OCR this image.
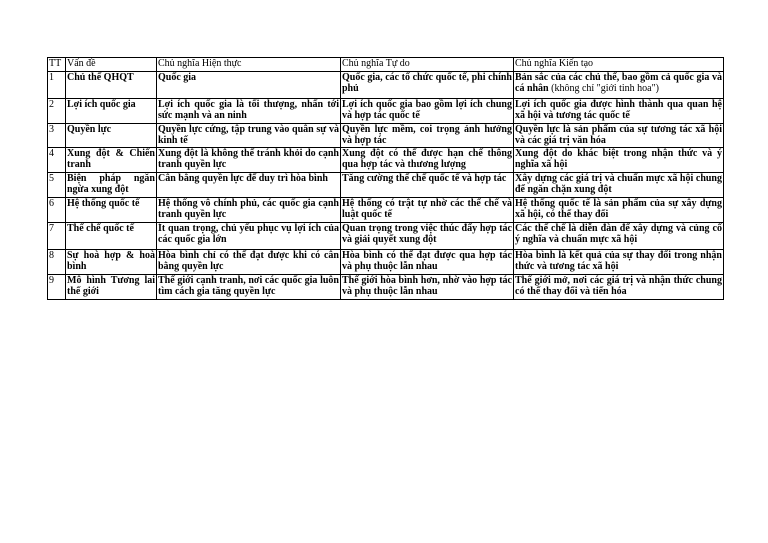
TT	Vấn đề	Chủ nghĩa Hiện thực	Chủ nghĩa Tự do	Chủ nghĩa Kiến tạo
1	Chủ thể QHQT	Quốc gia	Quốc gia, các tổ chức quốc tế, phi chính phủ	Bản sắc của các chủ thể, bao gồm cả quốc gia và cá nhân (không chỉ "giới tinh hoa")
2	Lợi ích quốc gia	Lợi ích quốc gia là tối thượng, nhấn tới sức mạnh và an ninh	Lợi ích quốc gia bao gồm lợi ích chung và hợp tác quốc tế	Lợi ích quốc gia được hình thành qua quan hệ xã hội và tương tác quốc tế
3	Quyền lực	Quyền lực cứng, tập trung vào quân sự và kinh tế	Quyền lực mềm, coi trọng ảnh hưởng và hợp tác	Quyền lực là sản phẩm của sự tương tác xã hội và các giá trị văn hóa
4	Xung đột & Chiến tranh	Xung đột là không thể tránh khỏi do cạnh tranh quyền lực	Xung đột có thể được hạn chế thông qua hợp tác và thương lượng	Xung đột do khác biệt trong nhận thức và ý nghĩa xã hội
5	Biện pháp ngăn ngừa xung đột	Cân bằng quyền lực để duy trì hòa bình	Tăng cường thể chế quốc tế và hợp tác	Xây dựng các giá trị và chuẩn mực xã hội chung để ngăn chặn xung đột
6	Hệ thống quốc tế	Hệ thống vô chính phủ, các quốc gia cạnh tranh quyền lực	Hệ thống có trật tự nhờ các thể chế và luật quốc tế	Hệ thống quốc tế là sản phẩm của sự xây dựng xã hội, có thể thay đổi
7	Thể chế quốc tế	Ít quan trọng, chủ yếu phục vụ lợi ích của các quốc gia lớn	Quan trọng trong việc thúc đẩy hợp tác và giải quyết xung đột	Các thể chế là diễn đàn để xây dựng và củng cố ý nghĩa và chuẩn mực xã hội
8	Sự hoà hợp & hoà bình	Hòa bình chỉ có thể đạt được khi có cân bằng quyền lực	Hòa bình có thể đạt được qua hợp tác và phụ thuộc lẫn nhau	Hòa bình là kết quả của sự thay đổi trong nhận thức và tương tác xã hội
9	Mô hình Tương lai thế giới	Thế giới cạnh tranh, nơi các quốc gia luôn tìm cách gia tăng quyền lực	Thế giới hòa bình hơn, nhờ vào hợp tác và phụ thuộc lẫn nhau	Thế giới mở, nơi các giá trị và nhận thức chung có thể thay đổi và tiến hóa
